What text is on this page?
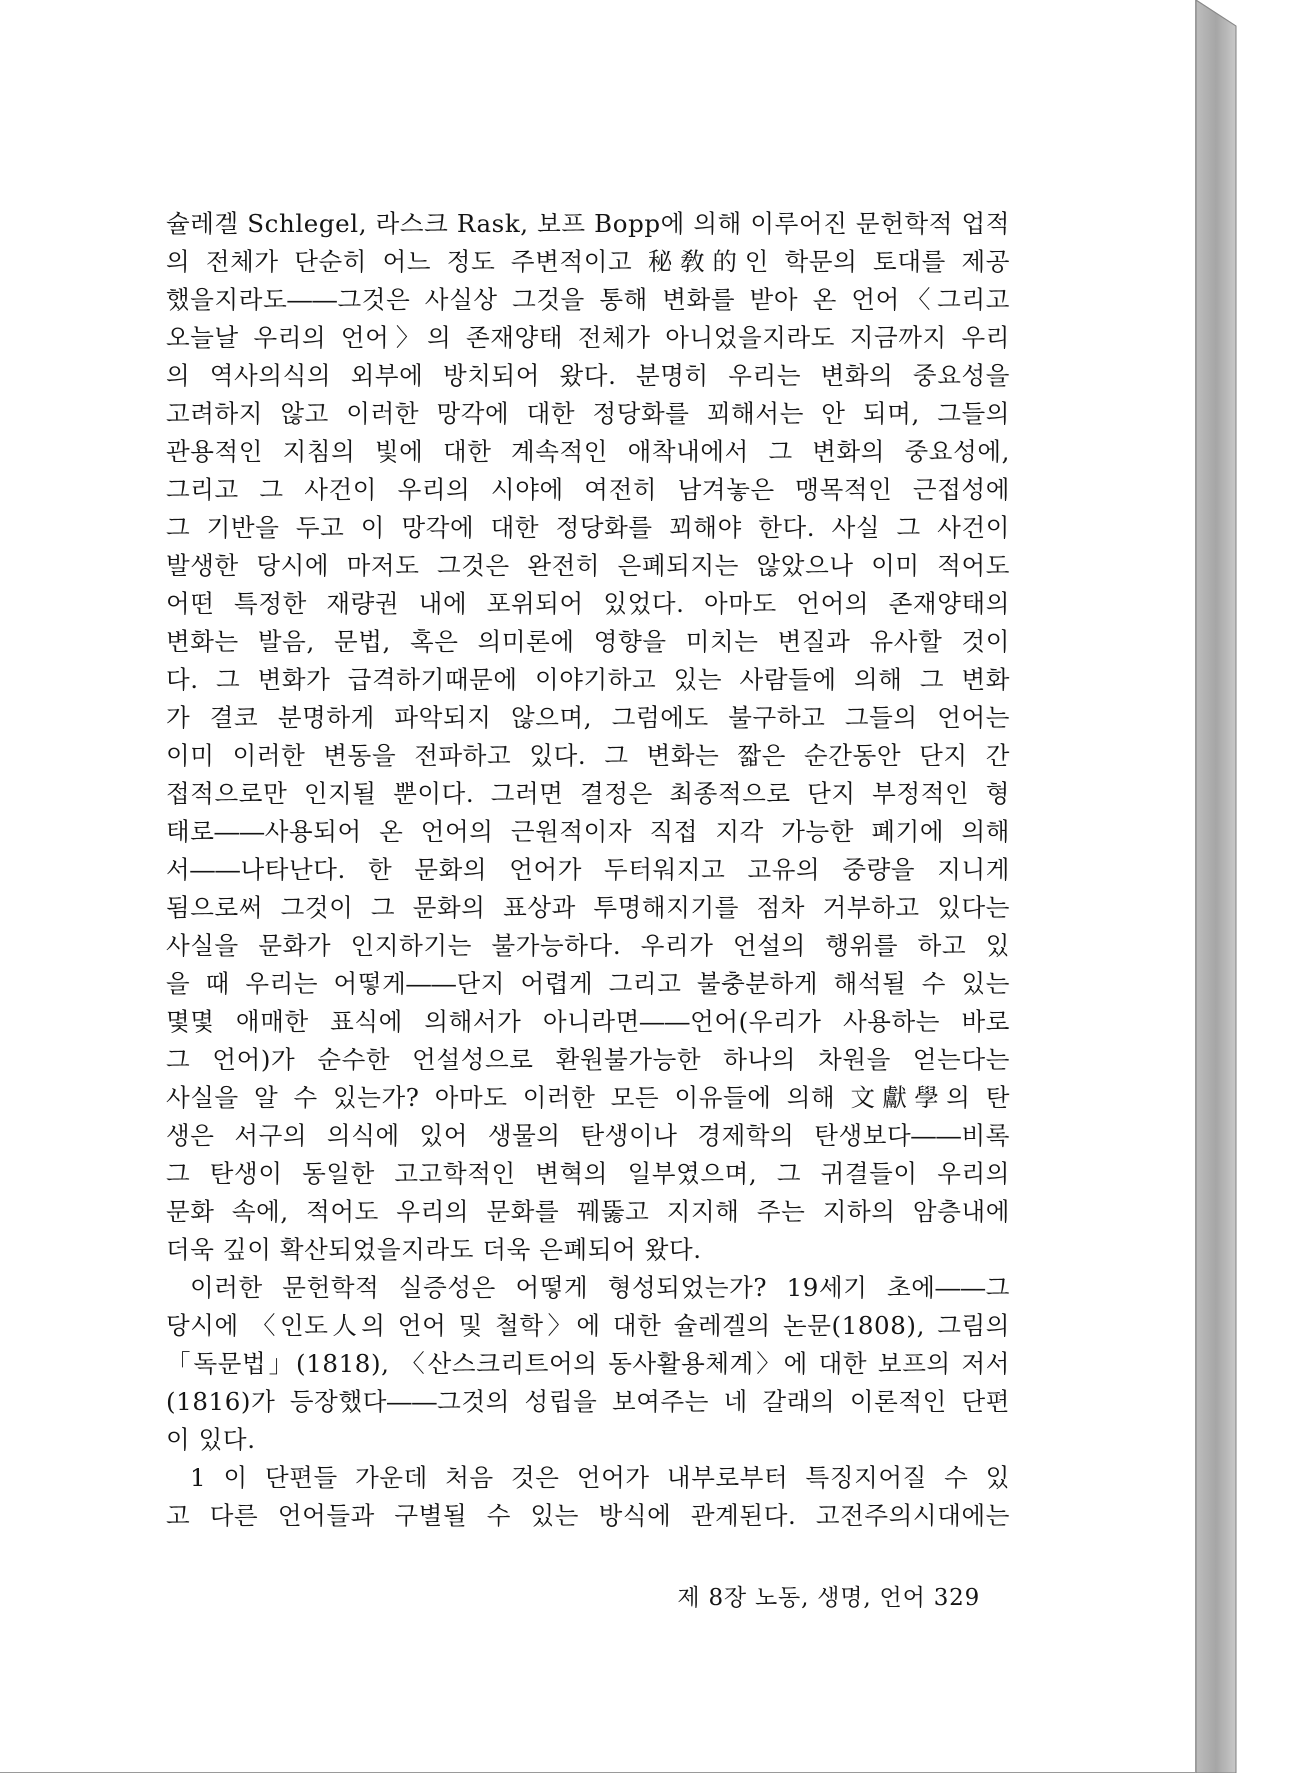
슐레겔 Schlegel, 라스크 Rask, 보프 Bopp에 의해 이루어진 문헌학적 업적
의 전체가 단순히 어느 정도 주변적이고 秘敎的인 학문의 토대를 제공
했을지라도――그것은 사실상 그것을 통해 변화를 받아 온 언어〈그리고
오늘날 우리의 언어〉의 존재양태 전체가 아니었을지라도 지금까지 우리
의 역사의식의 외부에 방치되어 왔다. 분명히 우리는 변화의 중요성을
고려하지 않고 이러한 망각에 대한 정당화를 꾀해서는 안 되며, 그들의
관용적인 지침의 빛에 대한 계속적인 애착내에서 그 변화의 중요성에,
그리고 그 사건이 우리의 시야에 여전히 남겨놓은 맹목적인 근접성에
그 기반을 두고 이 망각에 대한 정당화를 꾀해야 한다. 사실 그 사건이
발생한 당시에 마저도 그것은 완전히 은폐되지는 않았으나 이미 적어도
어떤 특정한 재량권 내에 포위되어 있었다. 아마도 언어의 존재양태의
변화는 발음, 문법, 혹은 의미론에 영향을 미치는 변질과 유사할 것이
다. 그 변화가 급격하기때문에 이야기하고 있는 사람들에 의해 그 변화
가 결코 분명하게 파악되지 않으며, 그럼에도 불구하고 그들의 언어는
이미 이러한 변동을 전파하고 있다. 그 변화는 짧은 순간동안 단지 간
접적으로만 인지될 뿐이다. 그러면 결정은 최종적으로 단지 부정적인 형
태로――사용되어 온 언어의 근원적이자 직접 지각 가능한 폐기에 의해
서――나타난다. 한 문화의 언어가 두터워지고 고유의 중량을 지니게
됨으로써 그것이 그 문화의 표상과 투명해지기를 점차 거부하고 있다는
사실을 문화가 인지하기는 불가능하다. 우리가 언설의 행위를 하고 있
을 때 우리는 어떻게――단지 어렵게 그리고 불충분하게 해석될 수 있는
몇몇 애매한 표식에 의해서가 아니라면――언어(우리가 사용하는 바로
그 언어)가 순수한 언설성으로 환원불가능한 하나의 차원을 얻는다는
사실을 알 수 있는가? 아마도 이러한 모든 이유들에 의해 文獻學의 탄
생은 서구의 의식에 있어 생물의 탄생이나 경제학의 탄생보다――비록
그 탄생이 동일한 고고학적인 변혁의 일부였으며, 그 귀결들이 우리의
문화 속에, 적어도 우리의 문화를 꿰뚫고 지지해 주는 지하의 암층내에
더욱 깊이 확산되었을지라도 더욱 은폐되어 왔다.
이러한 문헌학적 실증성은 어떻게 형성되었는가? 19세기 초에――그
당시에 〈인도人의 언어 및 철학〉에 대한 슐레겔의 논문(1808), 그림의
「독문법」(1818), 〈산스크리트어의 동사활용체계〉에 대한 보프의 저서
(1816)가 등장했다――그것의 성립을 보여주는 네 갈래의 이론적인 단편
이 있다.
1 이 단편들 가운데 처음 것은 언어가 내부로부터 특징지어질 수 있
고 다른 언어들과 구별될 수 있는 방식에 관계된다. 고전주의시대에는
제 8장 노동, 생명, 언어 329
